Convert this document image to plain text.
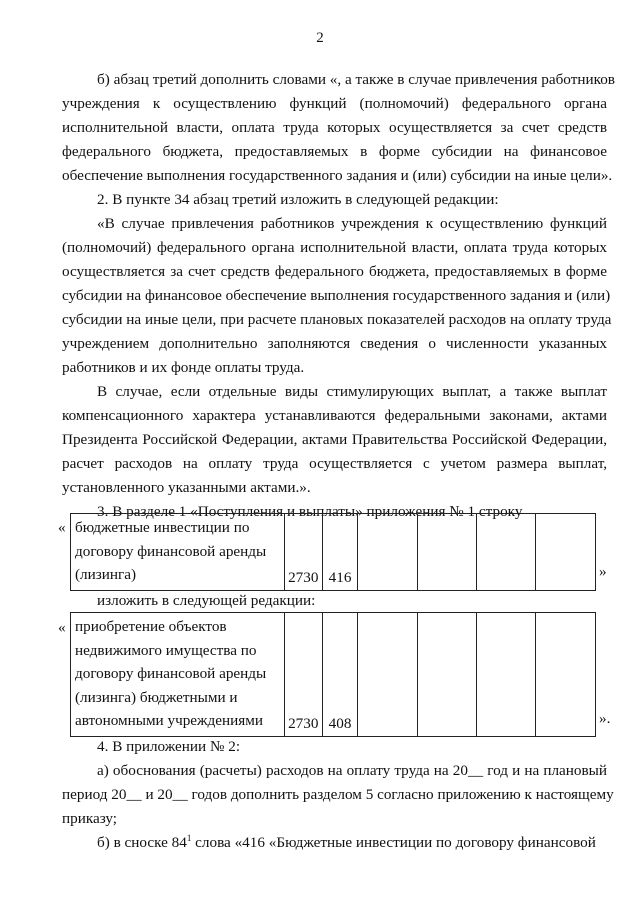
2
б) абзац третий дополнить словами «, а также в случае привлечения работников
учреждения к осуществлению функций (полномочий) федерального органа
исполнительной власти, оплата труда которых осуществляется за счет средств
федерального бюджета, предоставляемых в форме субсидии на финансовое
обеспечение выполнения государственного задания и (или) субсидии на иные цели».
2. В пункте 34 абзац третий изложить в следующей редакции:
«В случае привлечения работников учреждения к осуществлению функций
(полномочий) федерального органа исполнительной власти, оплата труда которых
осуществляется за счет средств федерального бюджета, предоставляемых в форме
субсидии на финансовое обеспечение выполнения государственного задания и (или)
субсидии на иные цели, при расчете плановых показателей расходов на оплату труда
учреждением дополнительно заполняются сведения о численности указанных
работников и их фонде оплаты труда.
В случае, если отдельные виды стимулирующих выплат, а также выплат
компенсационного характера устанавливаются федеральными законами, актами
Президента Российской Федерации, актами Правительства Российской Федерации,
расчет расходов на оплату труда осуществляется с учетом размера выплат,
установленного указанными актами.».
3. В разделе 1 «Поступления и выплаты» приложения № 1 строку
« бюджетные инвестиции по
договору финансовой аренды
(лизинга)	2730	416					»
изложить в следующей редакции:
« приобретение объектов
недвижимого имущества по
договору финансовой аренды
(лизинга) бюджетными и
автономными учреждениями	2730	408					».
4. В приложении № 2:
а) обоснования (расчеты) расходов на оплату труда на 20__ год и на плановый
период 20__ и 20__ годов дополнить разделом 5 согласно приложению к настоящему
приказу;
б) в сноске $84^1$ слова «416 «Бюджетные инвестиции по договору финансовой
